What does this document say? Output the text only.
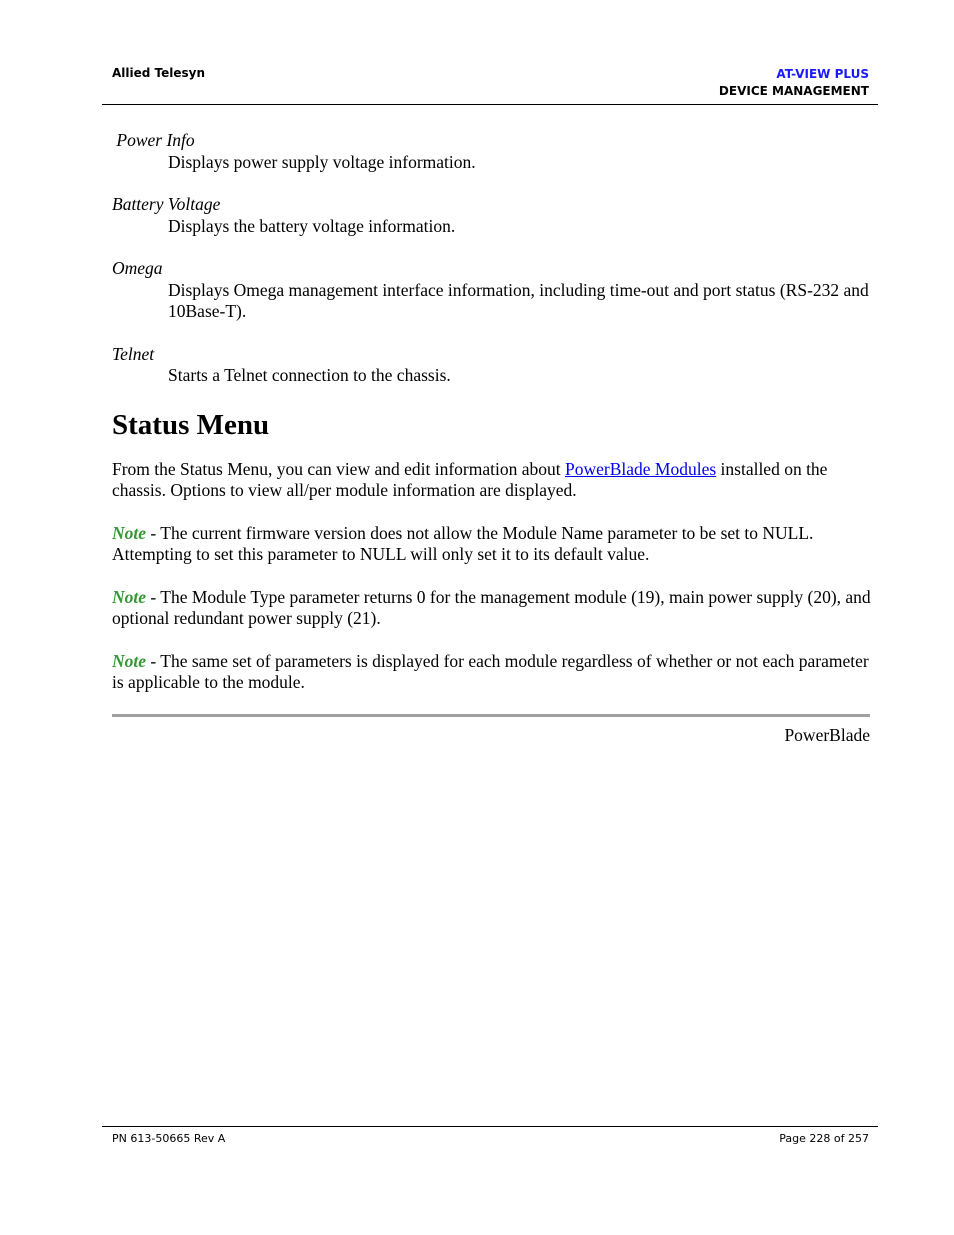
Allied Telesyn	AT-VIEW PLUS
DEVICE MANAGEMENT

Power Info

Displays power supply voltage information.

Battery Voltage

Displays the battery voltage information.

Omega

Displays Omega management interface information, including time-out and port status (RS-232 and 10Base-T).

Telnet

Starts a Telnet connection to the chassis.

Status Menu

From the Status Menu, you can view and edit information about PowerBlade Modules installed on the chassis. Options to view all/per module information are displayed.

Note - The current firmware version does not allow the Module Name parameter to be set to NULL. Attempting to set this parameter to NULL will only set it to its default value.

Note - The Module Type parameter returns 0 for the management module (19), main power supply (20), and optional redundant power supply (21).

Note - The same set of parameters is displayed for each module regardless of whether or not each parameter is applicable to the module.

PowerBlade
PN 613-50665 Rev A	Page 228 of 257
